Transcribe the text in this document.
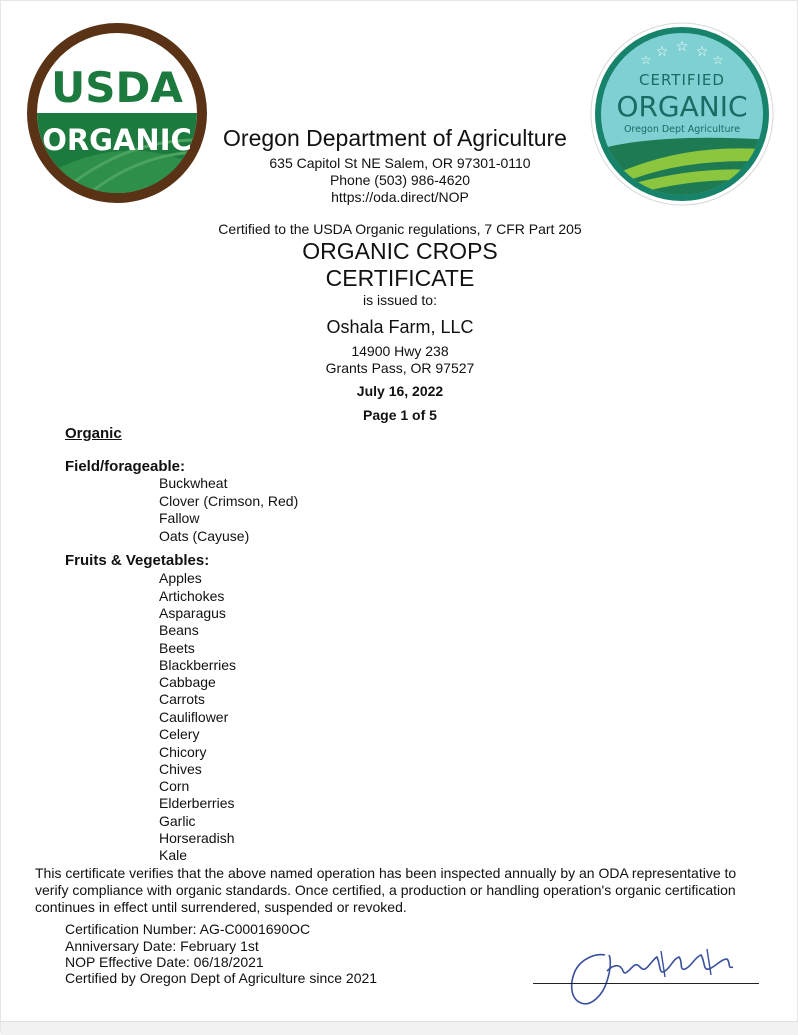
USDA
ORGANIC
☆ ☆ ☆
☆	☆
CERTIFIED
ORGANIC
Oregon Dept Agriculture
Oregon Department of Agriculture
635 Capitol St NE Salem, OR 97301-0110
Phone (503) 986-4620
https://oda.direct/NOP
Certified to the USDA Organic regulations, 7 CFR Part 205
ORGANIC CROPS
CERTIFICATE
is issued to:
Oshala Farm, LLC
14900 Hwy 238
Grants Pass, OR 97527
July 16, 2022
Page 1 of 5
Organic
Field/forageable:
Buckwheat
Clover (Crimson, Red)
Fallow
Oats (Cayuse)
Fruits & Vegetables:
Apples
Artichokes
Asparagus
Beans
Beets
Blackberries
Cabbage
Carrots
Cauliflower
Celery
Chicory
Chives
Corn
Elderberries
Garlic
Horseradish
Kale
This certificate verifies that the above named operation has been inspected annually by an ODA representative to
verify compliance with organic standards. Once certified, a production or handling operation's organic certification
continues in effect until surrendered, suspended or revoked.
Certification Number: AG-C0001690OC
Anniversary Date: February 1st
NOP Effective Date: 06/18/2021
Certified by Oregon Dept of Agriculture since 2021
